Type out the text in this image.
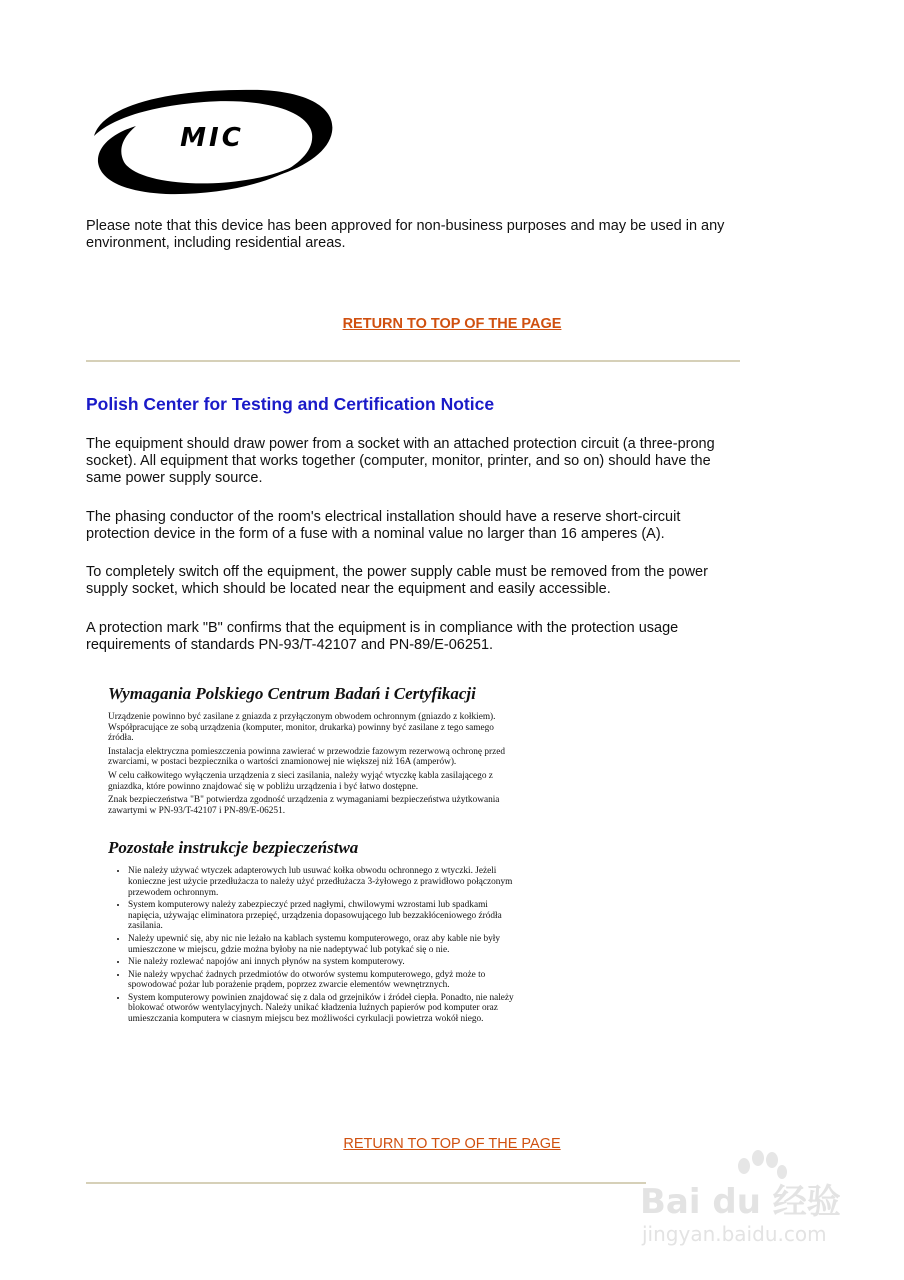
MIC
Please note that this device has been approved for non-business purposes and may be used in any environment, including residential areas.
RETURN TO TOP OF THE PAGE
Polish Center for Testing and Certification Notice
The equipment should draw power from a socket with an attached protection circuit (a three-prong socket). All equipment that works together (computer, monitor, printer, and so on) should have the same power supply source.
The phasing conductor of the room's electrical installation should have a reserve short-circuit protection device in the form of a fuse with a nominal value no larger than 16 amperes (A).
To completely switch off the equipment, the power supply cable must be removed from the power supply socket, which should be located near the equipment and easily accessible.
A protection mark "B" confirms that the equipment is in compliance with the protection usage requirements of standards PN-93/T-42107 and PN-89/E-06251.
Wymagania Polskiego Centrum Badań i Certyfikacji
Urządzenie powinno być zasilane z gniazda z przyłączonym obwodem ochronnym (gniazdo z kołkiem). Współpracujące ze sobą urządzenia (komputer, monitor, drukarka) powinny być zasilane z tego samego źródła.
Instalacja elektryczna pomieszczenia powinna zawierać w przewodzie fazowym rezerwową ochronę przed zwarciami, w postaci bezpiecznika o wartości znamionowej nie większej niż 16A (amperów).
W celu całkowitego wyłączenia urządzenia z sieci zasilania, należy wyjąć wtyczkę kabla zasilającego z gniazdka, które powinno znajdować się w pobliżu urządzenia i być łatwo dostępne.
Znak bezpieczeństwa "B" potwierdza zgodność urządzenia z wymaganiami bezpieczeństwa użytkowania zawartymi w PN-93/T-42107 i PN-89/E-06251.
Pozostałe instrukcje bezpieczeństwa
• Nie należy używać wtyczek adapterowych lub usuwać kołka obwodu ochronnego z wtyczki. Jeżeli konieczne jest użycie przedłużacza to należy użyć przedłużacza 3-żyłowego z prawidłowo połączonym przewodem ochronnym.
• System komputerowy należy zabezpieczyć przed nagłymi, chwilowymi wzrostami lub spadkami napięcia, używając eliminatora przepięć, urządzenia dopasowującego lub bezzakłóceniowego źródła zasilania.
• Należy upewnić się, aby nic nie leżało na kablach systemu komputerowego, oraz aby kable nie były umieszczone w miejscu, gdzie można byłoby na nie nadeptywać lub potykać się o nie.
• Nie należy rozlewać napojów ani innych płynów na system komputerowy.
• Nie należy wpychać żadnych przedmiotów do otworów systemu komputerowego, gdyż może to spowodować pożar lub porażenie prądem, poprzez zwarcie elementów wewnętrznych.
• System komputerowy powinien znajdować się z dala od grzejników i źródeł ciepła. Ponadto, nie należy blokować otworów wentylacyjnych. Należy unikać kładzenia luźnych papierów pod komputer oraz umieszczania komputera w ciasnym miejscu bez możliwości cyrkulacji powietrza wokół niego.
RETURN TO TOP OF THE PAGE
Bai du 经验
jingyan.baidu.com
